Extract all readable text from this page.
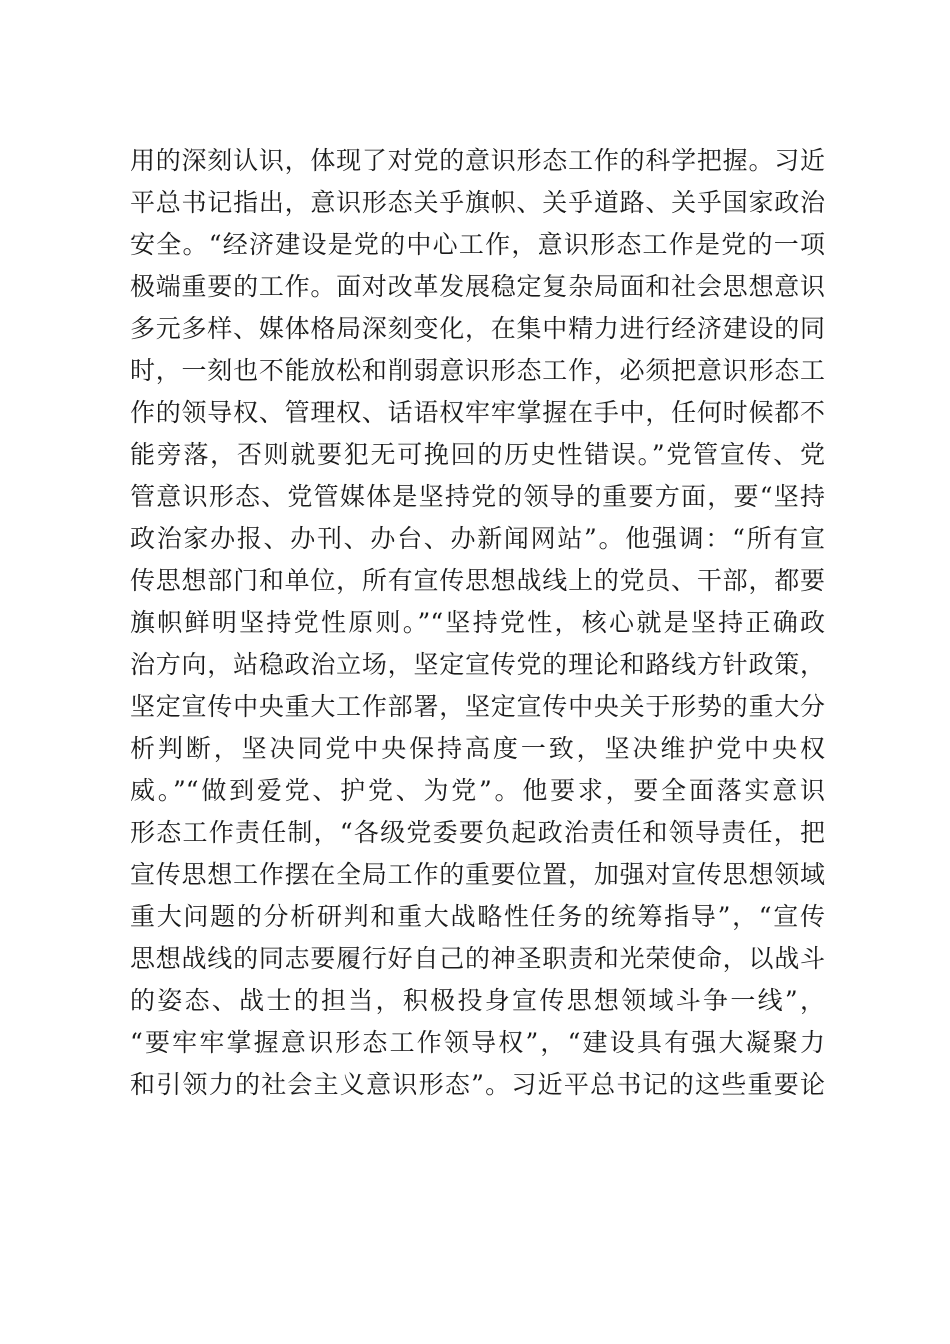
用的深刻认识，体现了对党的意识形态工作的科学把握。习近
平总书记指出，意识形态关乎旗帜、关乎道路、关乎国家政治
安全。“经济建设是党的中心工作，意识形态工作是党的一项
极端重要的工作。面对改革发展稳定复杂局面和社会思想意识
多元多样、媒体格局深刻变化，在集中精力进行经济建设的同
时，一刻也不能放松和削弱意识形态工作，必须把意识形态工
作的领导权、管理权、话语权牢牢掌握在手中，任何时候都不
能旁落，否则就要犯无可挽回的历史性错误。”党管宣传、党
管意识形态、党管媒体是坚持党的领导的重要方面，要“坚持
政治家办报、办刊、办台、办新闻网站”。他强调：“所有宣
传思想部门和单位，所有宣传思想战线上的党员、干部，都要
旗帜鲜明坚持党性原则。”“坚持党性，核心就是坚持正确政
治方向，站稳政治立场，坚定宣传党的理论和路线方针政策，
坚定宣传中央重大工作部署，坚定宣传中央关于形势的重大分
析判断，坚决同党中央保持高度一致，坚决维护党中央权
威。”“做到爱党、护党、为党”。他要求，要全面落实意识
形态工作责任制，“各级党委要负起政治责任和领导责任，把
宣传思想工作摆在全局工作的重要位置，加强对宣传思想领域
重大问题的分析研判和重大战略性任务的统筹指导”，“宣传
思想战线的同志要履行好自己的神圣职责和光荣使命，以战斗
的姿态、战士的担当，积极投身宣传思想领域斗争一线”，
“要牢牢掌握意识形态工作领导权”，“建设具有强大凝聚力
和引领力的社会主义意识形态”。习近平总书记的这些重要论
